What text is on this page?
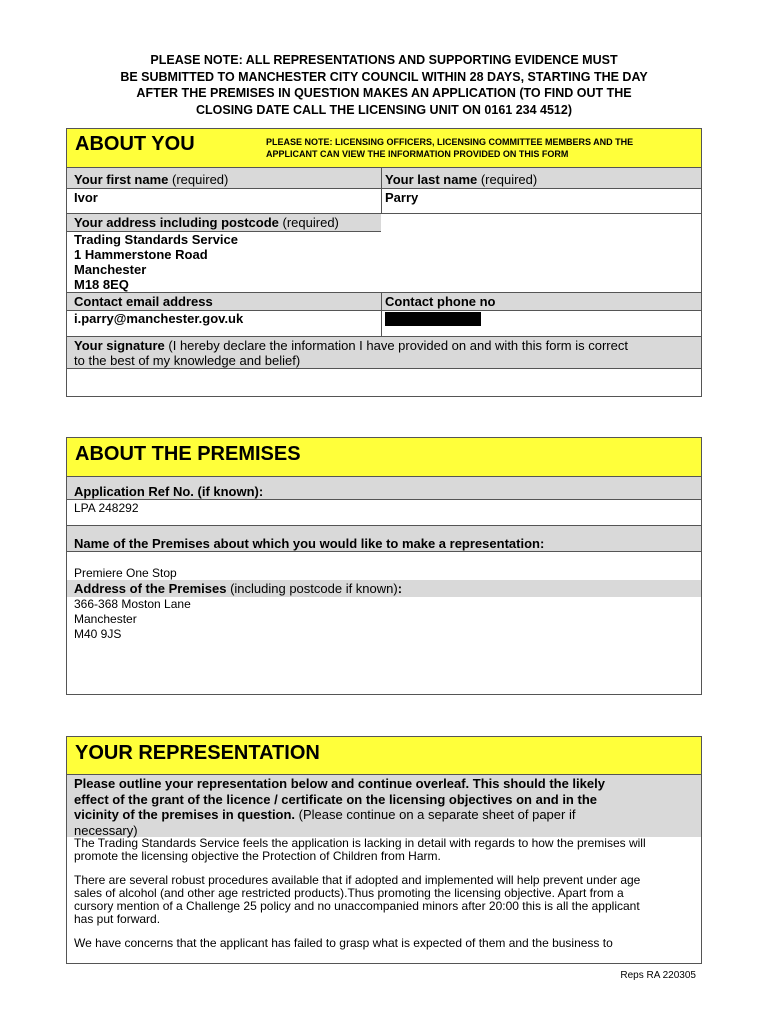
PLEASE NOTE: ALL REPRESENTATIONS AND SUPPORTING EVIDENCE MUST
BE SUBMITTED TO MANCHESTER CITY COUNCIL WITHIN 28 DAYS, STARTING THE DAY
AFTER THE PREMISES IN QUESTION MAKES AN APPLICATION (TO FIND OUT THE
CLOSING DATE CALL THE LICENSING UNIT ON 0161 234 4512)
ABOUT YOU	PLEASE NOTE: LICENSING OFFICERS, LICENSING COMMITTEE MEMBERS AND THE
APPLICANT CAN VIEW THE INFORMATION PROVIDED ON THIS FORM
Your first name (required)	Your last name (required)
Ivor	Parry
Your address including postcode (required)
Trading Standards Service
1 Hammerstone Road
Manchester
M18 8EQ
Contact email address	Contact phone no
i.parry@manchester.gov.uk
Your signature (I hereby declare the information I have provided on and with this form is correct
to the best of my knowledge and belief)
ABOUT THE PREMISES
Application Ref No. (if known):
LPA 248292
Name of the Premises about which you would like to make a representation:
Premiere One Stop
Address of the Premises (including postcode if known):
366-368 Moston Lane
Manchester
M40 9JS
YOUR REPRESENTATION
Please outline your representation below and continue overleaf. This should the likely
effect of the grant of the licence / certificate on the licensing objectives on and in the
vicinity of the premises in question. (Please continue on a separate sheet of paper if
necessary)
The Trading Standards Service feels the application is lacking in detail with regards to how the premises will
promote the licensing objective the Protection of Children from Harm.
There are several robust procedures available that if adopted and implemented will help prevent under age
sales of alcohol (and other age restricted products).Thus promoting the licensing objective. Apart from a
cursory mention of a Challenge 25 policy and no unaccompanied minors after 20:00 this is all the applicant
has put forward.
We have concerns that the applicant has failed to grasp what is expected of them and the business to
Reps RA 220305
